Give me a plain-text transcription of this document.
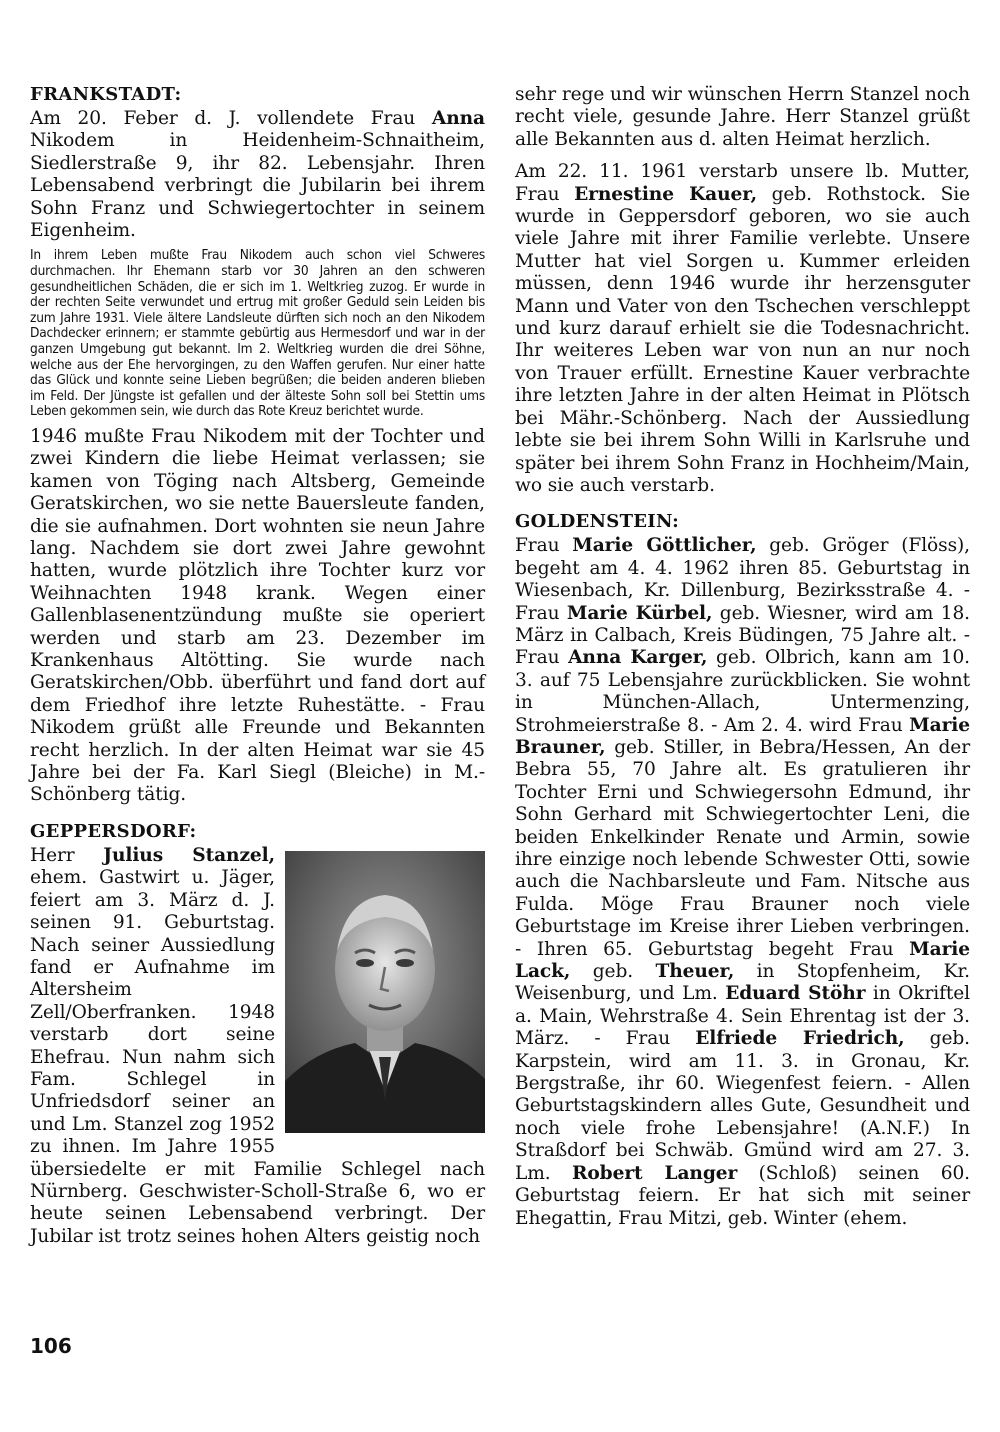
FRANKSTADT:

Am 20. Feber d. J. vollendete Frau Anna Nikodem in Heidenheim-Schnaitheim, Siedlerstraße 9, ihr 82. Lebensjahr. Ihren Lebensabend verbringt die Jubilarin bei ihrem Sohn Franz und Schwiegertochter in seinem Eigenheim.

In ihrem Leben mußte Frau Nikodem auch schon viel Schweres durchmachen. Ihr Ehemann starb vor 30 Jahren an den schweren gesundheitlichen Schäden, die er sich im 1. Weltkrieg zuzog. Er wurde in der rechten Seite verwundet und ertrug mit großer Geduld sein Leiden bis zum Jahre 1931. Viele ältere Landsleute dürften sich noch an den Nikodem Dachdecker erinnern; er stammte gebürtig aus Hermesdorf und war in der ganzen Umgebung gut bekannt. Im 2. Weltkrieg wurden die drei Söhne, welche aus der Ehe hervorgingen, zu den Waffen gerufen. Nur einer hatte das Glück und konnte seine Lieben begrüßen; die beiden anderen blieben im Feld. Der Jüngste ist gefallen und der älteste Sohn soll bei Stettin ums Leben gekommen sein, wie durch das Rote Kreuz berichtet wurde.

1946 mußte Frau Nikodem mit der Tochter und zwei Kindern die liebe Heimat verlassen; sie kamen von Töging nach Altsberg, Gemeinde Geratskirchen, wo sie nette Bauersleute fanden, die sie aufnahmen. Dort wohnten sie neun Jahre lang. Nachdem sie dort zwei Jahre gewohnt hatten, wurde plötzlich ihre Tochter kurz vor Weihnachten 1948 krank. Wegen einer Gallenblasenentzündung mußte sie operiert werden und starb am 23. Dezember im Krankenhaus Altötting. Sie wurde nach Geratskirchen/Obb. überführt und fand dort auf dem Friedhof ihre letzte Ruhestätte. - Frau Nikodem grüßt alle Freunde und Bekannten recht herzlich. In der alten Heimat war sie 45 Jahre bei der Fa. Karl Siegl (Bleiche) in M.-Schönberg tätig.

GEPPERSDORF:

Herr Julius Stanzel, ehem. Gastwirt u. Jäger, feiert am 3. März d. J. seinen 91. Geburtstag. Nach seiner Aussiedlung fand er Aufnahme im Altersheim Zell/Oberfranken. 1948 verstarb dort seine Ehefrau. Nun nahm sich Fam. Schlegel in Unfriedsdorf seiner an und Lm. Stanzel zog 1952 zu ihnen. Im Jahre 1955 übersiedelte er mit Familie Schlegel nach Nürnberg. Geschwister-Scholl-Straße 6, wo er heute seinen Lebensabend verbringt. Der Jubilar ist trotz seines hohen Alters geistig noch

sehr rege und wir wünschen Herrn Stanzel noch recht viele, gesunde Jahre. Herr Stanzel grüßt alle Bekannten aus d. alten Heimat herzlich.

Am 22. 11. 1961 verstarb unsere lb. Mutter, Frau Ernestine Kauer, geb. Rothstock. Sie wurde in Geppersdorf geboren, wo sie auch viele Jahre mit ihrer Familie verlebte. Unsere Mutter hat viel Sorgen u. Kummer erleiden müssen, denn 1946 wurde ihr herzensguter Mann und Vater von den Tschechen verschleppt und kurz darauf erhielt sie die Todesnachricht. Ihr weiteres Leben war von nun an nur noch von Trauer erfüllt. Ernestine Kauer verbrachte ihre letzten Jahre in der alten Heimat in Plötsch bei Mähr.-Schönberg. Nach der Aussiedlung lebte sie bei ihrem Sohn Willi in Karlsruhe und später bei ihrem Sohn Franz in Hochheim/Main, wo sie auch verstarb.

GOLDENSTEIN:

Frau Marie Göttlicher, geb. Gröger (Flöss), begeht am 4. 4. 1962 ihren 85. Geburtstag in Wiesenbach, Kr. Dillenburg, Bezirksstraße 4. - Frau Marie Kürbel, geb. Wiesner, wird am 18. März in Calbach, Kreis Büdingen, 75 Jahre alt. - Frau Anna Karger, geb. Olbrich, kann am 10. 3. auf 75 Lebensjahre zurückblicken. Sie wohnt in München-Allach, Untermenzing, Strohmeierstraße 8. - Am 2. 4. wird Frau Marie Brauner, geb. Stiller, in Bebra/Hessen, An der Bebra 55, 70 Jahre alt. Es gratulieren ihr Tochter Erni und Schwiegersohn Edmund, ihr Sohn Gerhard mit Schwiegertochter Leni, die beiden Enkelkinder Renate und Armin, sowie ihre einzige noch lebende Schwester Otti, sowie auch die Nachbarsleute und Fam. Nitsche aus Fulda. Möge Frau Brauner noch viele Geburtstage im Kreise ihrer Lieben verbringen. - Ihren 65. Geburtstag begeht Frau Marie Lack, geb. Theuer, in Stopfenheim, Kr. Weisenburg, und Lm. Eduard Stöhr in Okriftel a. Main, Wehrstraße 4. Sein Ehrentag ist der 3. März. - Frau Elfriede Friedrich, geb. Karpstein, wird am 11. 3. in Gronau, Kr. Bergstraße, ihr 60. Wiegenfest feiern. - Allen Geburtstagskindern alles Gute, Gesundheit und noch viele frohe Lebensjahre! (A.N.F.) In Straßdorf bei Schwäb. Gmünd wird am 27. 3. Lm. Robert Langer (Schloß) seinen 60. Geburtstag feiern. Er hat sich mit seiner Ehegattin, Frau Mitzi, geb. Winter (ehem.

106
